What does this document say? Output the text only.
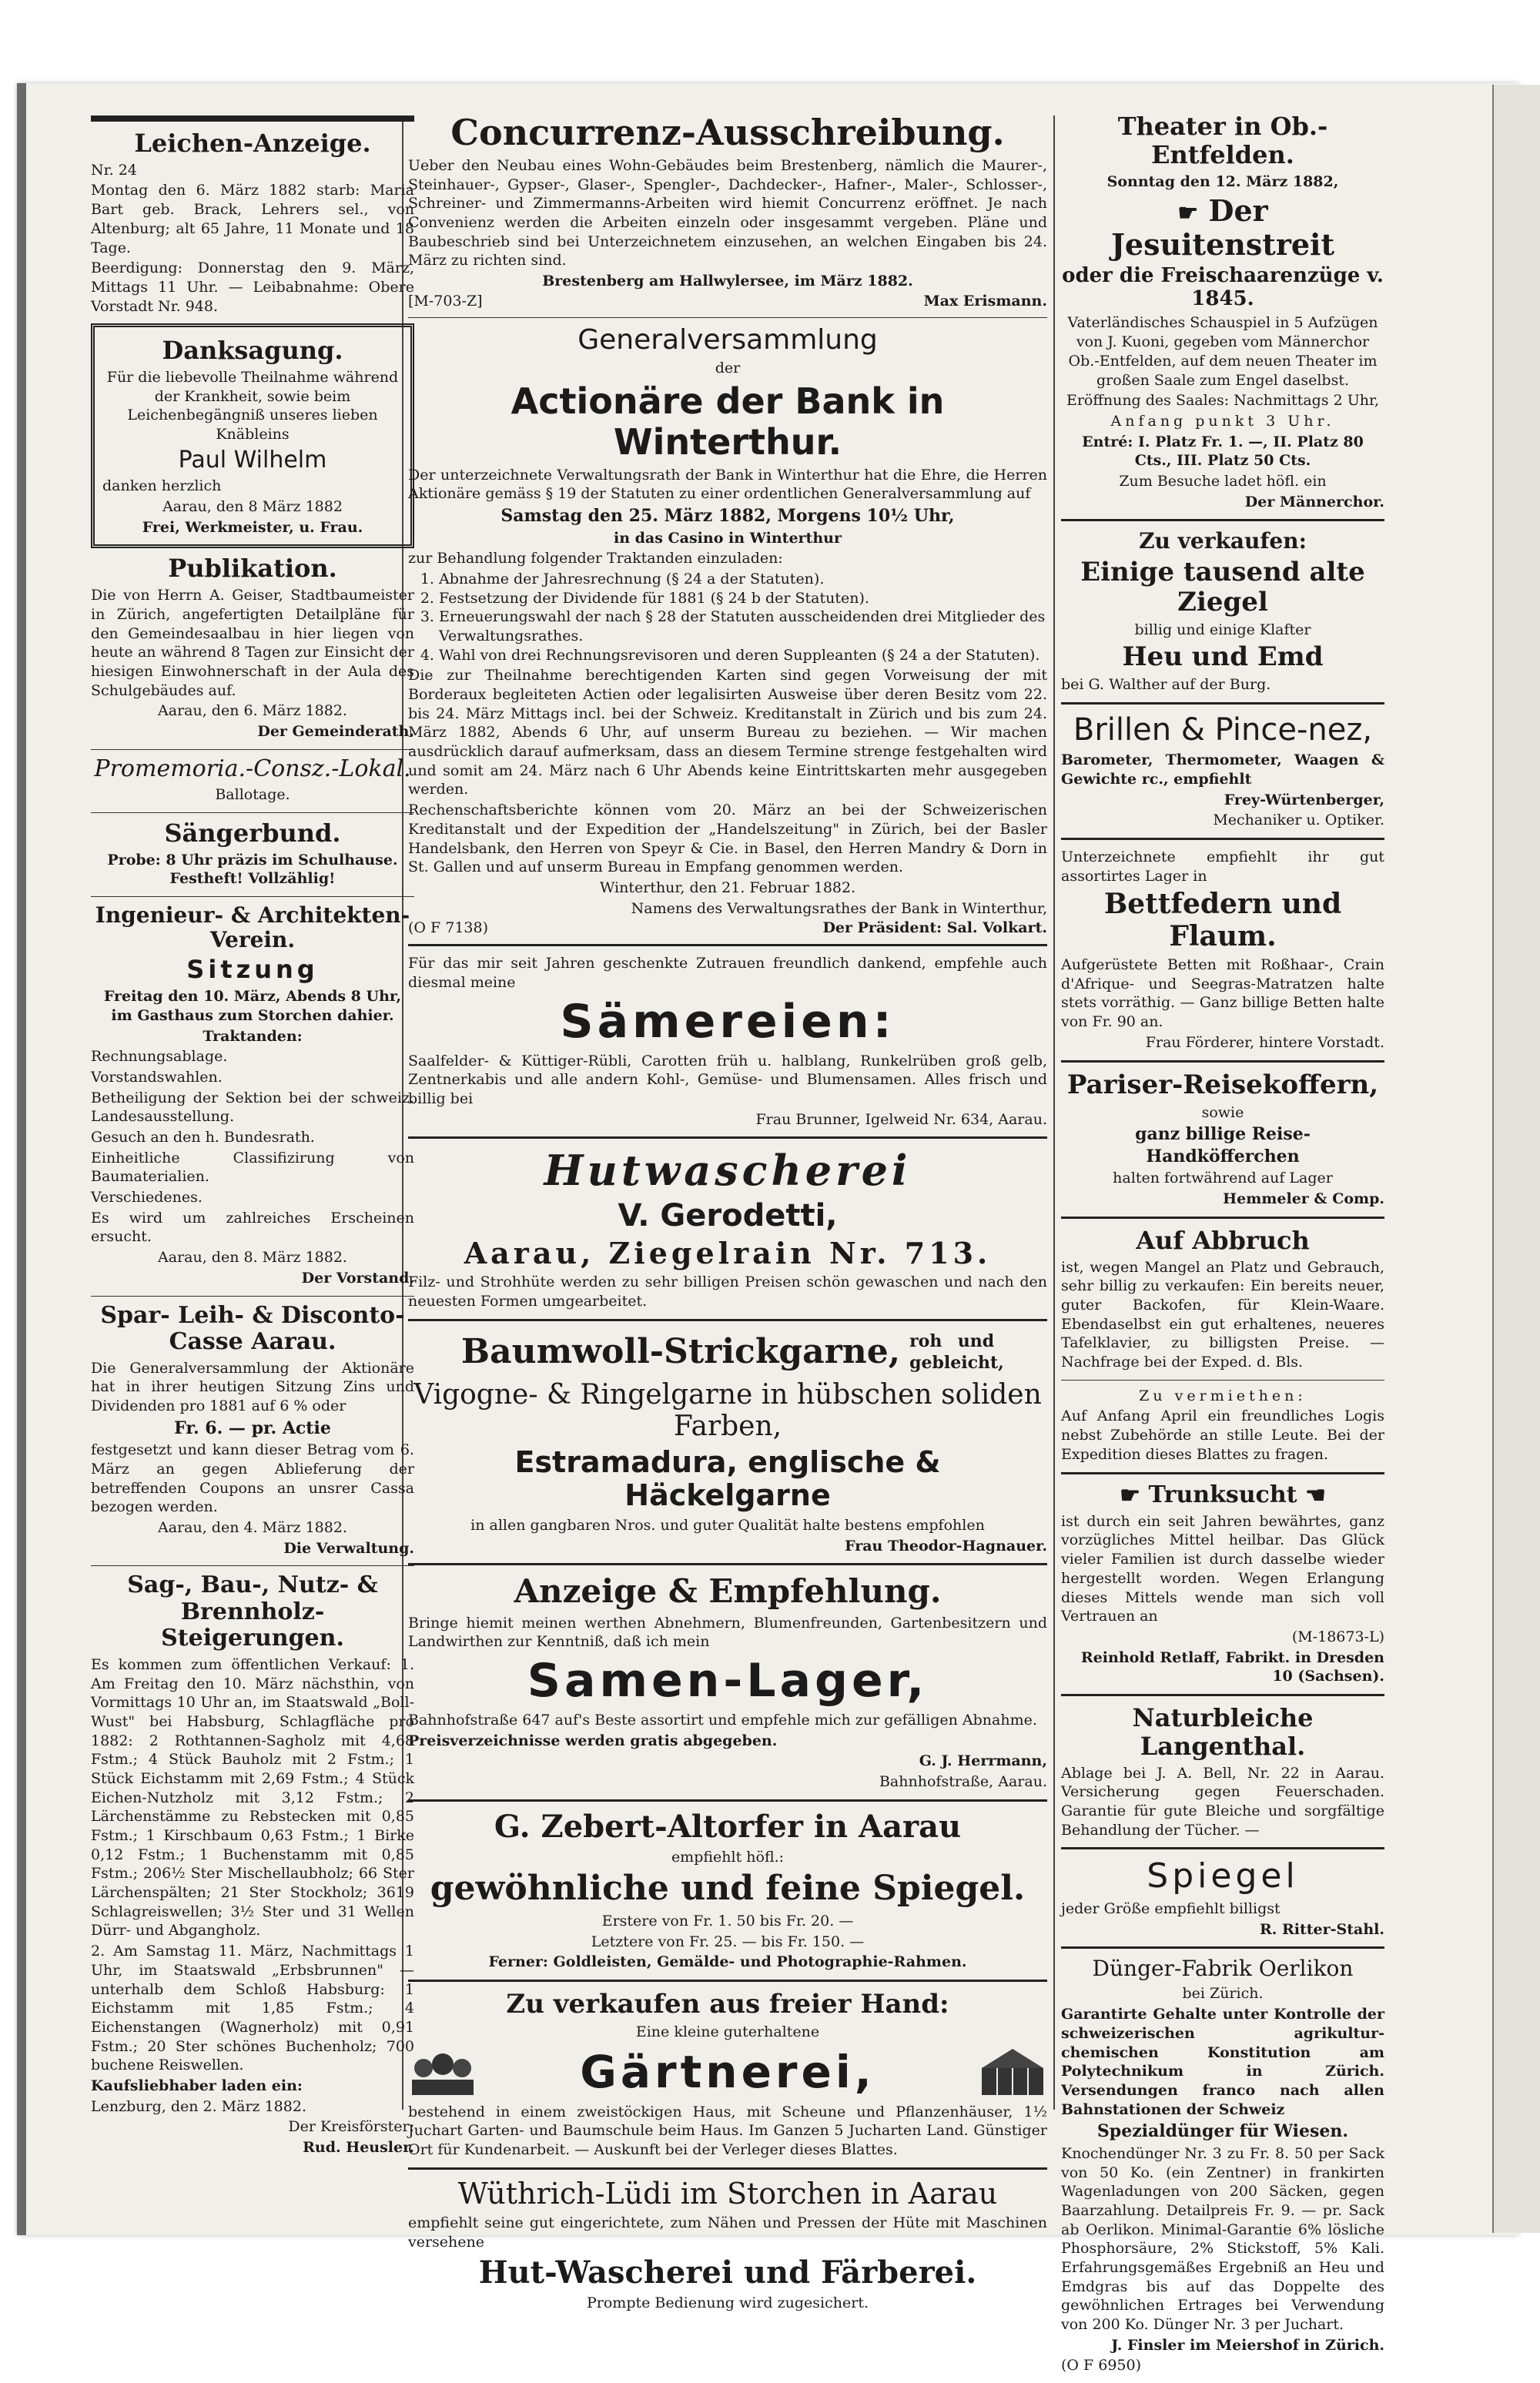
Leichen-Anzeige.

Nr. 24

Montag den 6. März 1882 starb: Maria Bart geb. Brack, Lehrers sel., von Altenburg; alt 65 Jahre, 11 Monate und 18 Tage.

Beerdigung: Donnerstag den 9. März, Mittags 11 Uhr. — Leibabnahme: Obere Vorstadt Nr. 948.

Danksagung.

Für die liebevolle Theilnahme während der Krankheit, sowie beim Leichenbegängniß unseres lieben Knäbleins

Paul Wilhelm

danken herzlich

Aarau, den 8 März 1882

Frei, Werkmeister, u. Frau.

Publikation.

Die von Herrn A. Geiser, Stadtbaumeister in Zürich, angefertigten Detailpläne für den Gemeindesaalbau in hier liegen von heute an während 8 Tagen zur Einsicht der hiesigen Einwohnerschaft in der Aula des Schulgebäudes auf.

Aarau, den 6. März 1882.

Der Gemeinderath.

Promemoria.-Consz.-Lokal.

Ballotage.

Sängerbund.

Probe: 8 Uhr präzis im Schulhause. Festheft! Vollzählig!

Ingenieur- & Architekten-Verein.
Sitzung

Freitag den 10. März, Abends 8 Uhr, im Gasthaus zum Storchen dahier.

Traktanden:

Rechnungsablage.

Vorstandswahlen.

Betheiligung der Sektion bei der schweiz. Landesausstellung.

Gesuch an den h. Bundesrath.

Einheitliche Classifizirung von Baumaterialien.

Verschiedenes.

Es wird um zahlreiches Erscheinen ersucht.

Aarau, den 8. März 1882.

Der Vorstand.

Spar- Leih- & Disconto-Casse Aarau.

Die Generalversammlung der Aktionäre hat in ihrer heutigen Sitzung Zins und Dividenden pro 1881 auf 6 % oder

Fr. 6. — pr. Actie

festgesetzt und kann dieser Betrag vom 6. März an gegen Ablieferung der betreffenden Coupons an unsrer Cassa bezogen werden.

Aarau, den 4. März 1882.

Die Verwaltung.

Sag-, Bau-, Nutz- & Brennholz-Steigerungen.

Es kommen zum öffentlichen Verkauf: 1. Am Freitag den 10. März nächsthin, von Vormittags 10 Uhr an, im Staatswald „Boll-Wust" bei Habsburg, Schlagfläche pro 1882: 2 Rothtannen-Sagholz mit 4,68 Fstm.; 4 Stück Bauholz mit 2 Fstm.; 1 Stück Eichstamm mit 2,69 Fstm.; 4 Stück Eichen-Nutzholz mit 3,12 Fstm.; 2 Lärchenstämme zu Rebstecken mit 0,85 Fstm.; 1 Kirschbaum 0,63 Fstm.; 1 Birke 0,12 Fstm.; 1 Buchenstamm mit 0,85 Fstm.; 206½ Ster Mischellaubholz; 66 Ster Lärchenspälten; 21 Ster Stockholz; 3619 Schlagreiswellen; 3½ Ster und 31 Wellen Dürr- und Abgangholz.

2. Am Samstag 11. März, Nachmittags 1 Uhr, im Staatswald „Erbsbrunnen" — unterhalb dem Schloß Habsburg: 1 Eichstamm mit 1,85 Fstm.; 4 Eichenstangen (Wagnerholz) mit 0,91 Fstm.; 20 Ster schönes Buchenholz; 700 buchene Reiswellen.

Kaufsliebhaber laden ein:

Lenzburg, den 2. März 1882.

Der Kreisförster:

Rud. Heusler.

Concurrenz-Ausschreibung.

Ueber den Neubau eines Wohn-Gebäudes beim Brestenberg, nämlich die Maurer-, Steinhauer-, Gypser-, Glaser-, Spengler-, Dachdecker-, Hafner-, Maler-, Schlosser-, Schreiner- und Zimmermanns-Arbeiten wird hiemit Concurrenz eröffnet. Je nach Convenienz werden die Arbeiten einzeln oder insgesammt vergeben. Pläne und Baubeschrieb sind bei Unterzeichnetem einzusehen, an welchen Eingaben bis 24. März zu richten sind.

Brestenberg am Hallwylersee, im März 1882.

[M-703-Z]	Max Erismann.
Generalversammlung

der

Actionäre der Bank in Winterthur.

Der unterzeichnete Verwaltungsrath der Bank in Winterthur hat die Ehre, die Herren Aktionäre gemäss § 19 der Statuten zu einer ordentlichen Generalversammlung auf

Samstag den 25. März 1882, Morgens 10½ Uhr,

in das Casino in Winterthur

zur Behandlung folgender Traktanden einzuladen:

1. Abnahme der Jahresrechnung (§ 24 a der Statuten).
2. Festsetzung der Dividende für 1881 (§ 24 b der Statuten).
3. Erneuerungswahl der nach § 28 der Statuten ausscheidenden drei Mitglieder des Verwaltungsrathes.
4. Wahl von drei Rechnungsrevisoren und deren Suppleanten (§ 24 a der Statuten).

Die zur Theilnahme berechtigenden Karten sind gegen Vorweisung der mit Borderaux begleiteten Actien oder legalisirten Ausweise über deren Besitz vom 22. bis 24. März Mittags incl. bei der Schweiz. Kreditanstalt in Zürich und bis zum 24. März 1882, Abends 6 Uhr, auf unserm Bureau zu beziehen. — Wir machen ausdrücklich darauf aufmerksam, dass an diesem Termine strenge festgehalten wird und somit am 24. März nach 6 Uhr Abends keine Eintrittskarten mehr ausgegeben werden.

Rechenschaftsberichte können vom 20. März an bei der Schweizerischen Kreditanstalt und der Expedition der „Handelszeitung" in Zürich, bei der Basler Handelsbank, den Herren von Speyr & Cie. in Basel, den Herren Mandry & Dorn in St. Gallen und auf unserm Bureau in Empfang genommen werden.

Winterthur, den 21. Februar 1882.

Namens des Verwaltungsrathes der Bank in Winterthur,

(O F 7138)	Der Präsident: Sal. Volkart.

Für das mir seit Jahren geschenkte Zutrauen freundlich dankend, empfehle auch diesmal meine

Sämereien:

Saalfelder- & Küttiger-Rübli, Carotten früh u. halblang, Runkelrüben groß gelb, Zentnerkabis und alle andern Kohl-, Gemüse- und Blumensamen. Alles frisch und billig bei

Frau Brunner, Igelweid Nr. 634, Aarau.

Hutwascherei
V. Gerodetti,
Aarau, Ziegelrain Nr. 713.

Filz- und Strohhüte werden zu sehr billigen Preisen schön gewaschen und nach den neuesten Formen umgearbeitet.

Baumwoll-Strickgarne, roh und gebleicht,
Vigogne- & Ringelgarne in hübschen soliden Farben,
Estramadura, englische & Häckelgarne

in allen gangbaren Nros. und guter Qualität halte bestens empfohlen

Frau Theodor-Hagnauer.

Anzeige & Empfehlung.

Bringe hiemit meinen werthen Abnehmern, Blumenfreunden, Gartenbesitzern und Landwirthen zur Kenntniß, daß ich mein

Samen-Lager,

Bahnhofstraße 647 auf's Beste assortirt und empfehle mich zur gefälligen Abnahme.

Preisverzeichnisse werden gratis abgegeben.

G. J. Herrmann,

Bahnhofstraße, Aarau.

G. Zebert-Altorfer in Aarau

empfiehlt höfl.:

gewöhnliche und feine Spiegel.

Erstere von Fr. 1. 50 bis Fr. 20. —

Letztere von Fr. 25. — bis Fr. 150. —

Ferner: Goldleisten, Gemälde- und Photographie-Rahmen.

Zu verkaufen aus freier Hand:

Eine kleine guterhaltene

Gärtnerei,

bestehend in einem zweistöckigen Haus, mit Scheune und Pflanzenhäuser, 1½ Juchart Garten- und Baumschule beim Haus. Im Ganzen 5 Jucharten Land. Günstiger Ort für Kundenarbeit. — Auskunft bei der Verleger dieses Blattes.

Wüthrich-Lüdi im Storchen in Aarau

empfiehlt seine gut eingerichtete, zum Nähen und Pressen der Hüte mit Maschinen versehene

Hut-Wascherei und Färberei.

Prompte Bedienung wird zugesichert.

Theater in Ob.-Entfelden.

Sonntag den 12. März 1882,

☛ Der Jesuitenstreit
oder die Freischaarenzüge v. 1845.

Vaterländisches Schauspiel in 5 Aufzügen von J. Kuoni, gegeben vom Männerchor Ob.-Entfelden, auf dem neuen Theater im großen Saale zum Engel daselbst.

Eröffnung des Saales: Nachmittags 2 Uhr,

Anfang punkt 3 Uhr.

Entré: I. Platz Fr. 1. —, II. Platz 80 Cts., III. Platz 50 Cts.

Zum Besuche ladet höfl. ein

Der Männerchor.

Zu verkaufen:
Einige tausend alte Ziegel

billig und einige Klafter

Heu und Emd

bei G. Walther auf der Burg.

Brillen & Pince-nez,

Barometer, Thermometer, Waagen & Gewichte rc., empfiehlt

Frey-Würtenberger,

Mechaniker u. Optiker.

Unterzeichnete empfiehlt ihr gut assortirtes Lager in

Bettfedern und Flaum.

Aufgerüstete Betten mit Roßhaar-, Crain d'Afrique- und Seegras-Matratzen halte stets vorräthig. — Ganz billige Betten halte von Fr. 90 an.

Frau Förderer, hintere Vorstadt.

Pariser-Reisekoffern,

sowie

ganz billige Reise-Handköfferchen

halten fortwährend auf Lager

Hemmeler & Comp.

Auf Abbruch

ist, wegen Mangel an Platz und Gebrauch, sehr billig zu verkaufen: Ein bereits neuer, guter Backofen, für Klein-Waare. Ebendaselbst ein gut erhaltenes, neueres Tafelklavier, zu billigsten Preise. — Nachfrage bei der Exped. d. Bls.

Zu vermiethen:

Auf Anfang April ein freundliches Logis nebst Zubehörde an stille Leute. Bei der Expedition dieses Blattes zu fragen.

☛ Trunksucht ☚

ist durch ein seit Jahren bewährtes, ganz vorzügliches Mittel heilbar. Das Glück vieler Familien ist durch dasselbe wieder hergestellt worden. Wegen Erlangung dieses Mittels wende man sich voll Vertrauen an

(M-18673-L)

Reinhold Retlaff, Fabrikt. in Dresden 10 (Sachsen).

Naturbleiche Langenthal.

Ablage bei J. A. Bell, Nr. 22 in Aarau. Versicherung gegen Feuerschaden. Garantie für gute Bleiche und sorgfältige Behandlung der Tücher. —

Spiegel

jeder Größe empfiehlt billigst

R. Ritter-Stahl.

Dünger-Fabrik Oerlikon

bei Zürich.

Garantirte Gehalte unter Kontrolle der schweizerischen agrikultur-chemischen Konstitution am Polytechnikum in Zürich. Versendungen franco nach allen Bahnstationen der Schweiz

Spezialdünger für Wiesen.

Knochendünger Nr. 3 zu Fr. 8. 50 per Sack von 50 Ko. (ein Zentner) in frankirten Wagenladungen von 200 Säcken, gegen Baarzahlung. Detailpreis Fr. 9. — pr. Sack ab Oerlikon. Minimal-Garantie 6% lösliche Phosphorsäure, 2% Stickstoff, 5% Kali. Erfahrungsgemäßes Ergebniß an Heu und Emdgras bis auf das Doppelte des gewöhnlichen Ertrages bei Verwendung von 200 Ko. Dünger Nr. 3 per Juchart.

J. Finsler im Meiershof in Zürich.

(O F 6950)
